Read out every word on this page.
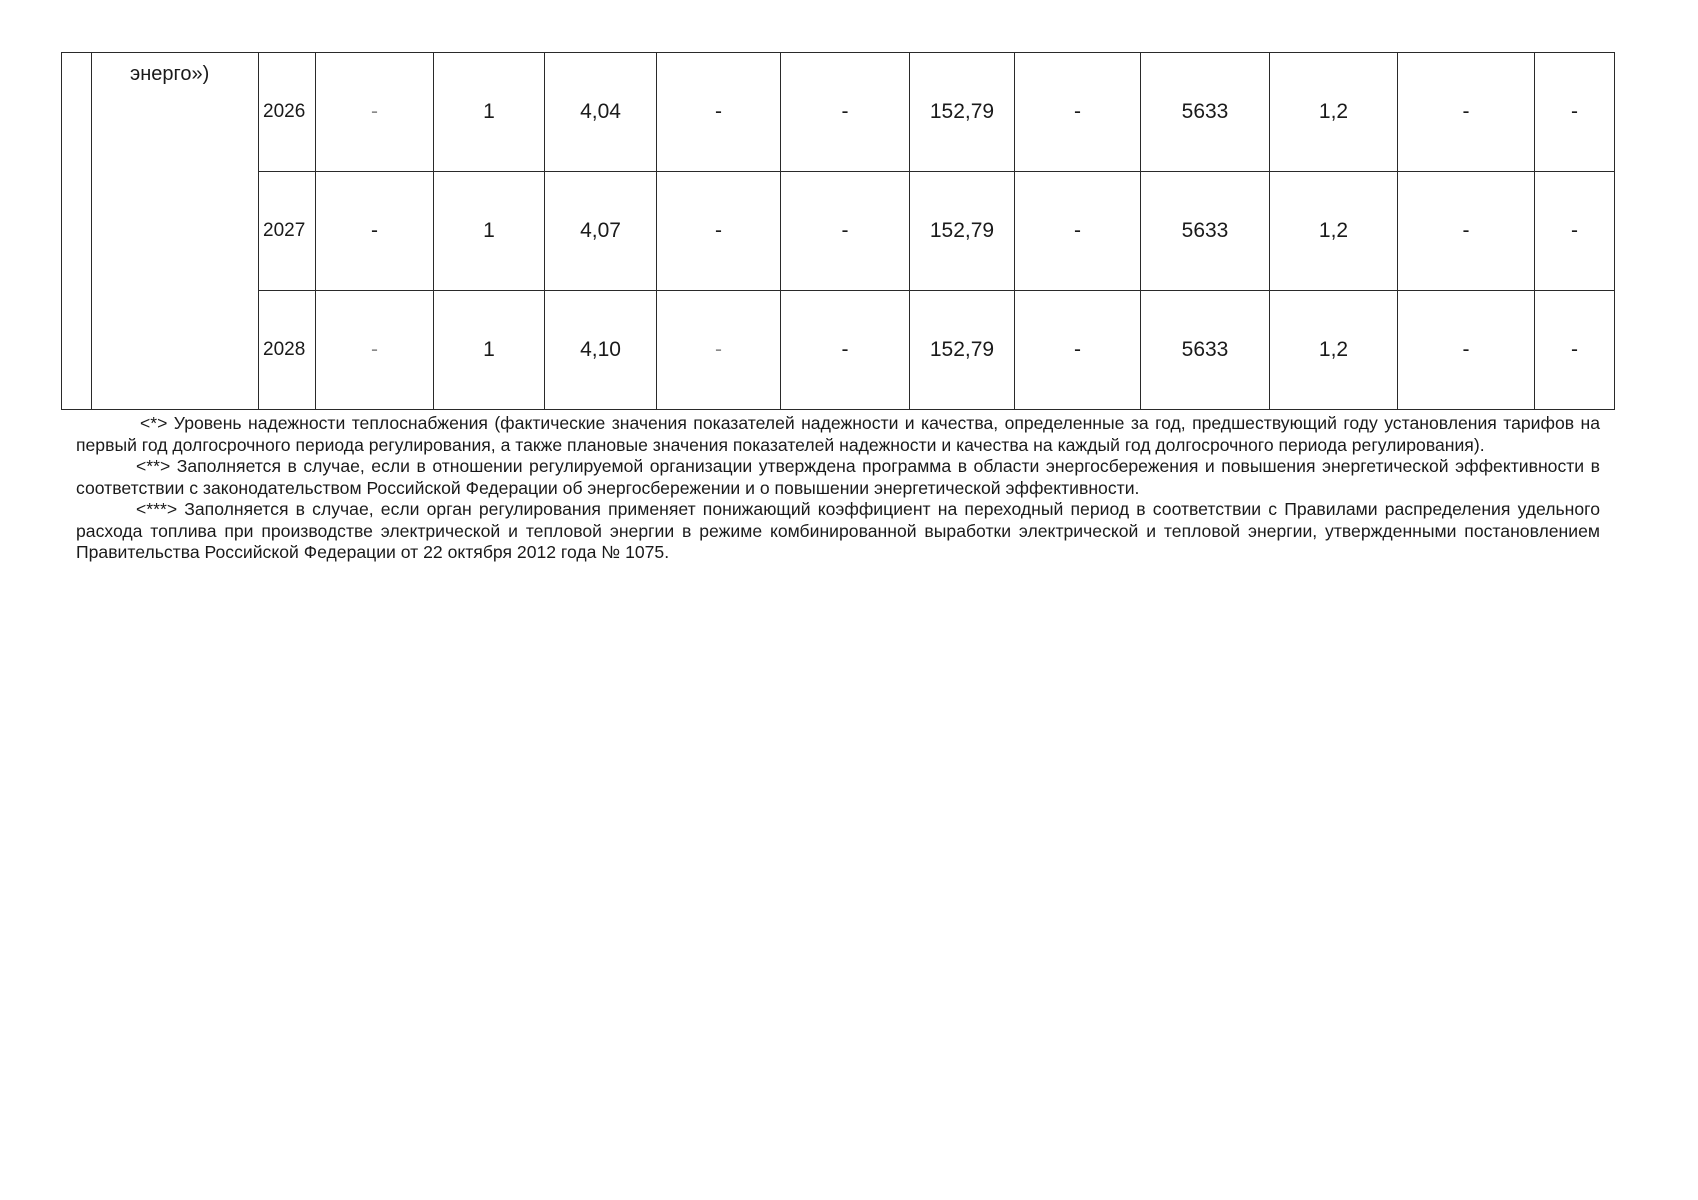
	энерго»)	2026	-	1	4,04	-	-	152,79	-	5633	1,2	-	-
		2027	-	1	4,07	-	-	152,79	-	5633	1,2	-	-
		2028	-	1	4,10	-	-	152,79	-	5633	1,2	-	-

<*> Уровень надежности теплоснабжения (фактические значения показателей надежности и качества, определенные за год, предшествующий году установления тарифов на первый год долгосрочного периода регулирования, а также плановые значения показателей надежности и качества на каждый год долгосрочного периода регулирования).

<**> Заполняется в случае, если в отношении регулируемой организации утверждена программа в области энергосбережения и повышения энергетической эффективности в соответствии с законодательством Российской Федерации об энергосбережении и о повышении энергетической эффективности.

<***> Заполняется в случае, если орган регулирования применяет понижающий коэффициент на переходный период в соответствии с Правилами распределения удельного расхода топлива при производстве электрической и тепловой энергии в режиме комбинированной выработки электрической и тепловой энергии, утвержденными постановлением Правительства Российской Федерации от 22 октября 2012 года № 1075.
